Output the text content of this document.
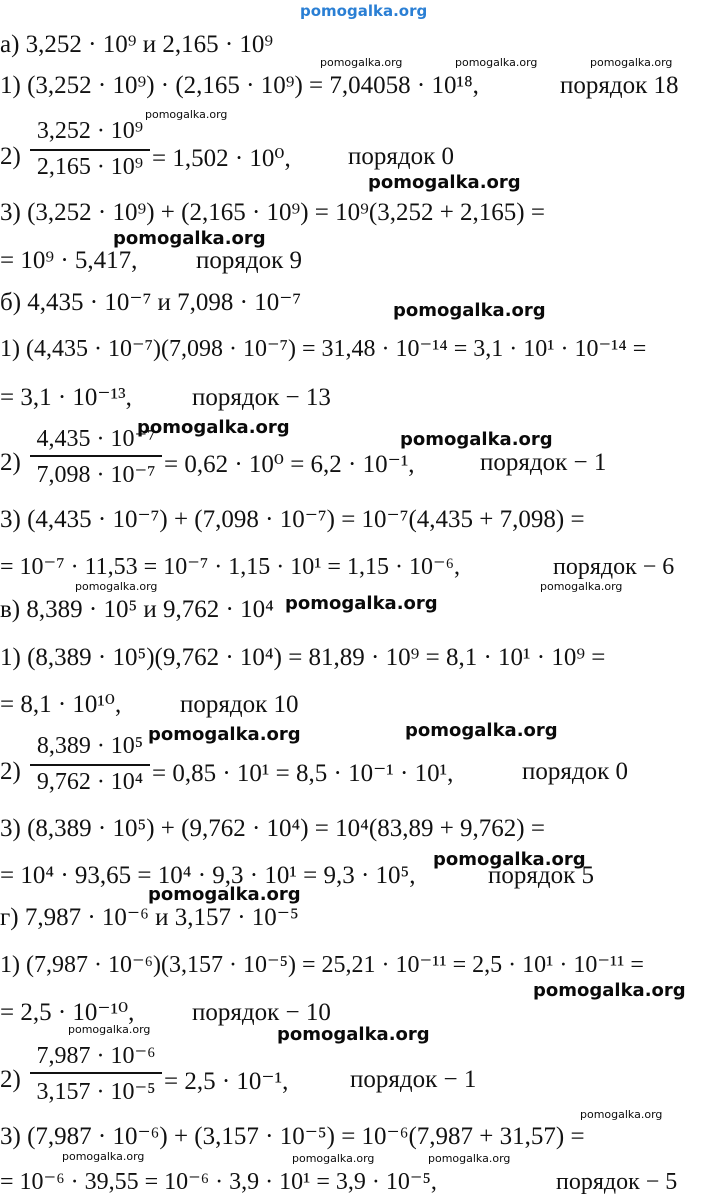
pomogalka.org
а) 3,252 · 10⁹ и 2,165 · 10⁹
1) (3,252 · 10⁹) · (2,165 · 10⁹) = 7,04058 · 10¹⁸,	порядок 18
2)
3,252 · 10⁹
2,165 · 10⁹ = 1,502 · 10⁰, порядок 0
3) (3,252 · 10⁹) + (2,165 · 10⁹) = 10⁹(3,252 + 2,165) =
= 10⁹ · 5,417, порядок 9
б) 4,435 · 10⁻⁷ и 7,098 · 10⁻⁷
1) (4,435 · 10⁻⁷)(7,098 · 10⁻⁷) = 31,48 · 10⁻¹⁴ = 3,1 · 10¹ · 10⁻¹⁴ =
= 3,1 · 10⁻¹³, порядок − 13
2)
4,435 · 10⁻⁷
7,098 · 10⁻⁷ = 0,62 · 10⁰ = 6,2 · 10⁻¹,	порядок − 1
3) (4,435 · 10⁻⁷) + (7,098 · 10⁻⁷) = 10⁻⁷(4,435 + 7,098) =
= 10⁻⁷ · 11,53 = 10⁻⁷ · 1,15 · 10¹ = 1,15 · 10⁻⁶,	порядок − 6
в) 8,389 · 10⁵ и 9,762 · 10⁴
1) (8,389 · 10⁵)(9,762 · 10⁴) = 81,89 · 10⁹ = 8,1 · 10¹ · 10⁹ =
= 8,1 · 10¹⁰, порядок 10
2)
8,389 · 10⁵
9,762 · 10⁴ = 0,85 · 10¹ = 8,5 · 10⁻¹ · 10¹,	порядок 0
3) (8,389 · 10⁵) + (9,762 · 10⁴) = 10⁴(83,89 + 9,762) =
= 10⁴ · 93,65 = 10⁴ · 9,3 · 10¹ = 9,3 · 10⁵,	порядок 5
г) 7,987 · 10⁻⁶ и 3,157 · 10⁻⁵
1) (7,987 · 10⁻⁶)(3,157 · 10⁻⁵) = 25,21 · 10⁻¹¹ = 2,5 · 10¹ · 10⁻¹¹ =
= 2,5 · 10⁻¹⁰, порядок − 10
2)
7,987 · 10⁻⁶
3,157 · 10⁻⁵ = 2,5 · 10⁻¹, порядок − 1
3) (7,987 · 10⁻⁶) + (3,157 · 10⁻⁵) = 10⁻⁶(7,987 + 31,57) =
= 10⁻⁶ · 39,55 = 10⁻⁶ · 3,9 · 10¹ = 3,9 · 10⁻⁵,	порядок − 5
pomogalka.org	pomogalka.org	pomogalka.org
pomogalka.org
pomogalka.org
pomogalka.org
pomogalka.org
pomogalka.org
pomogalka.org
pomogalka.org	pomogalka.org
pomogalka.org
pomogalka.org
pomogalka.org
pomogalka.org
pomogalka.org
pomogalka.org
pomogalka.org	pomogalka.org
pomogalka.org
pomogalka.org	pomogalka.org	pomogalka.org
